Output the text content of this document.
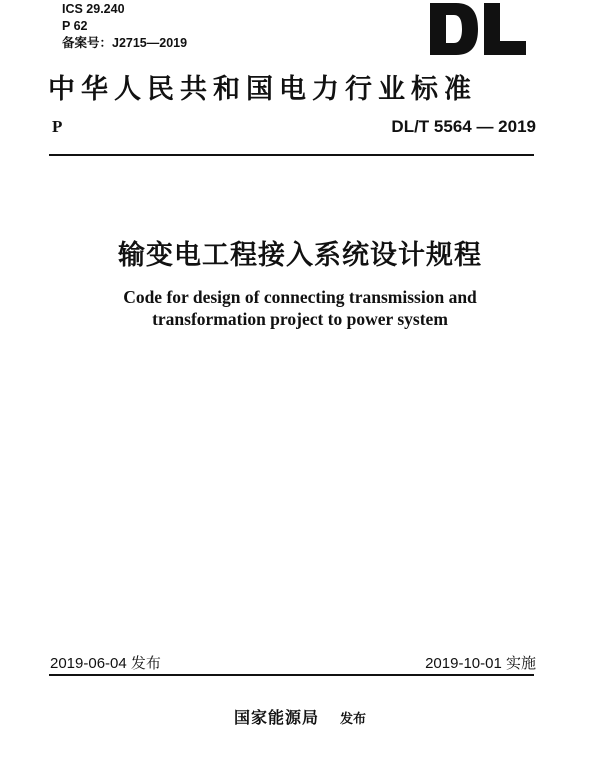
ICS 29.240
P 62
备案号：J2715—2019
中华人民共和国电力行业标准
P	DL/T 5564 — 2019
输变电工程接入系统设计规程
Code for design of connecting transmission and
transformation project to power system
2019-06-04 发布	2019-10-01 实施
国家能源局 发布
